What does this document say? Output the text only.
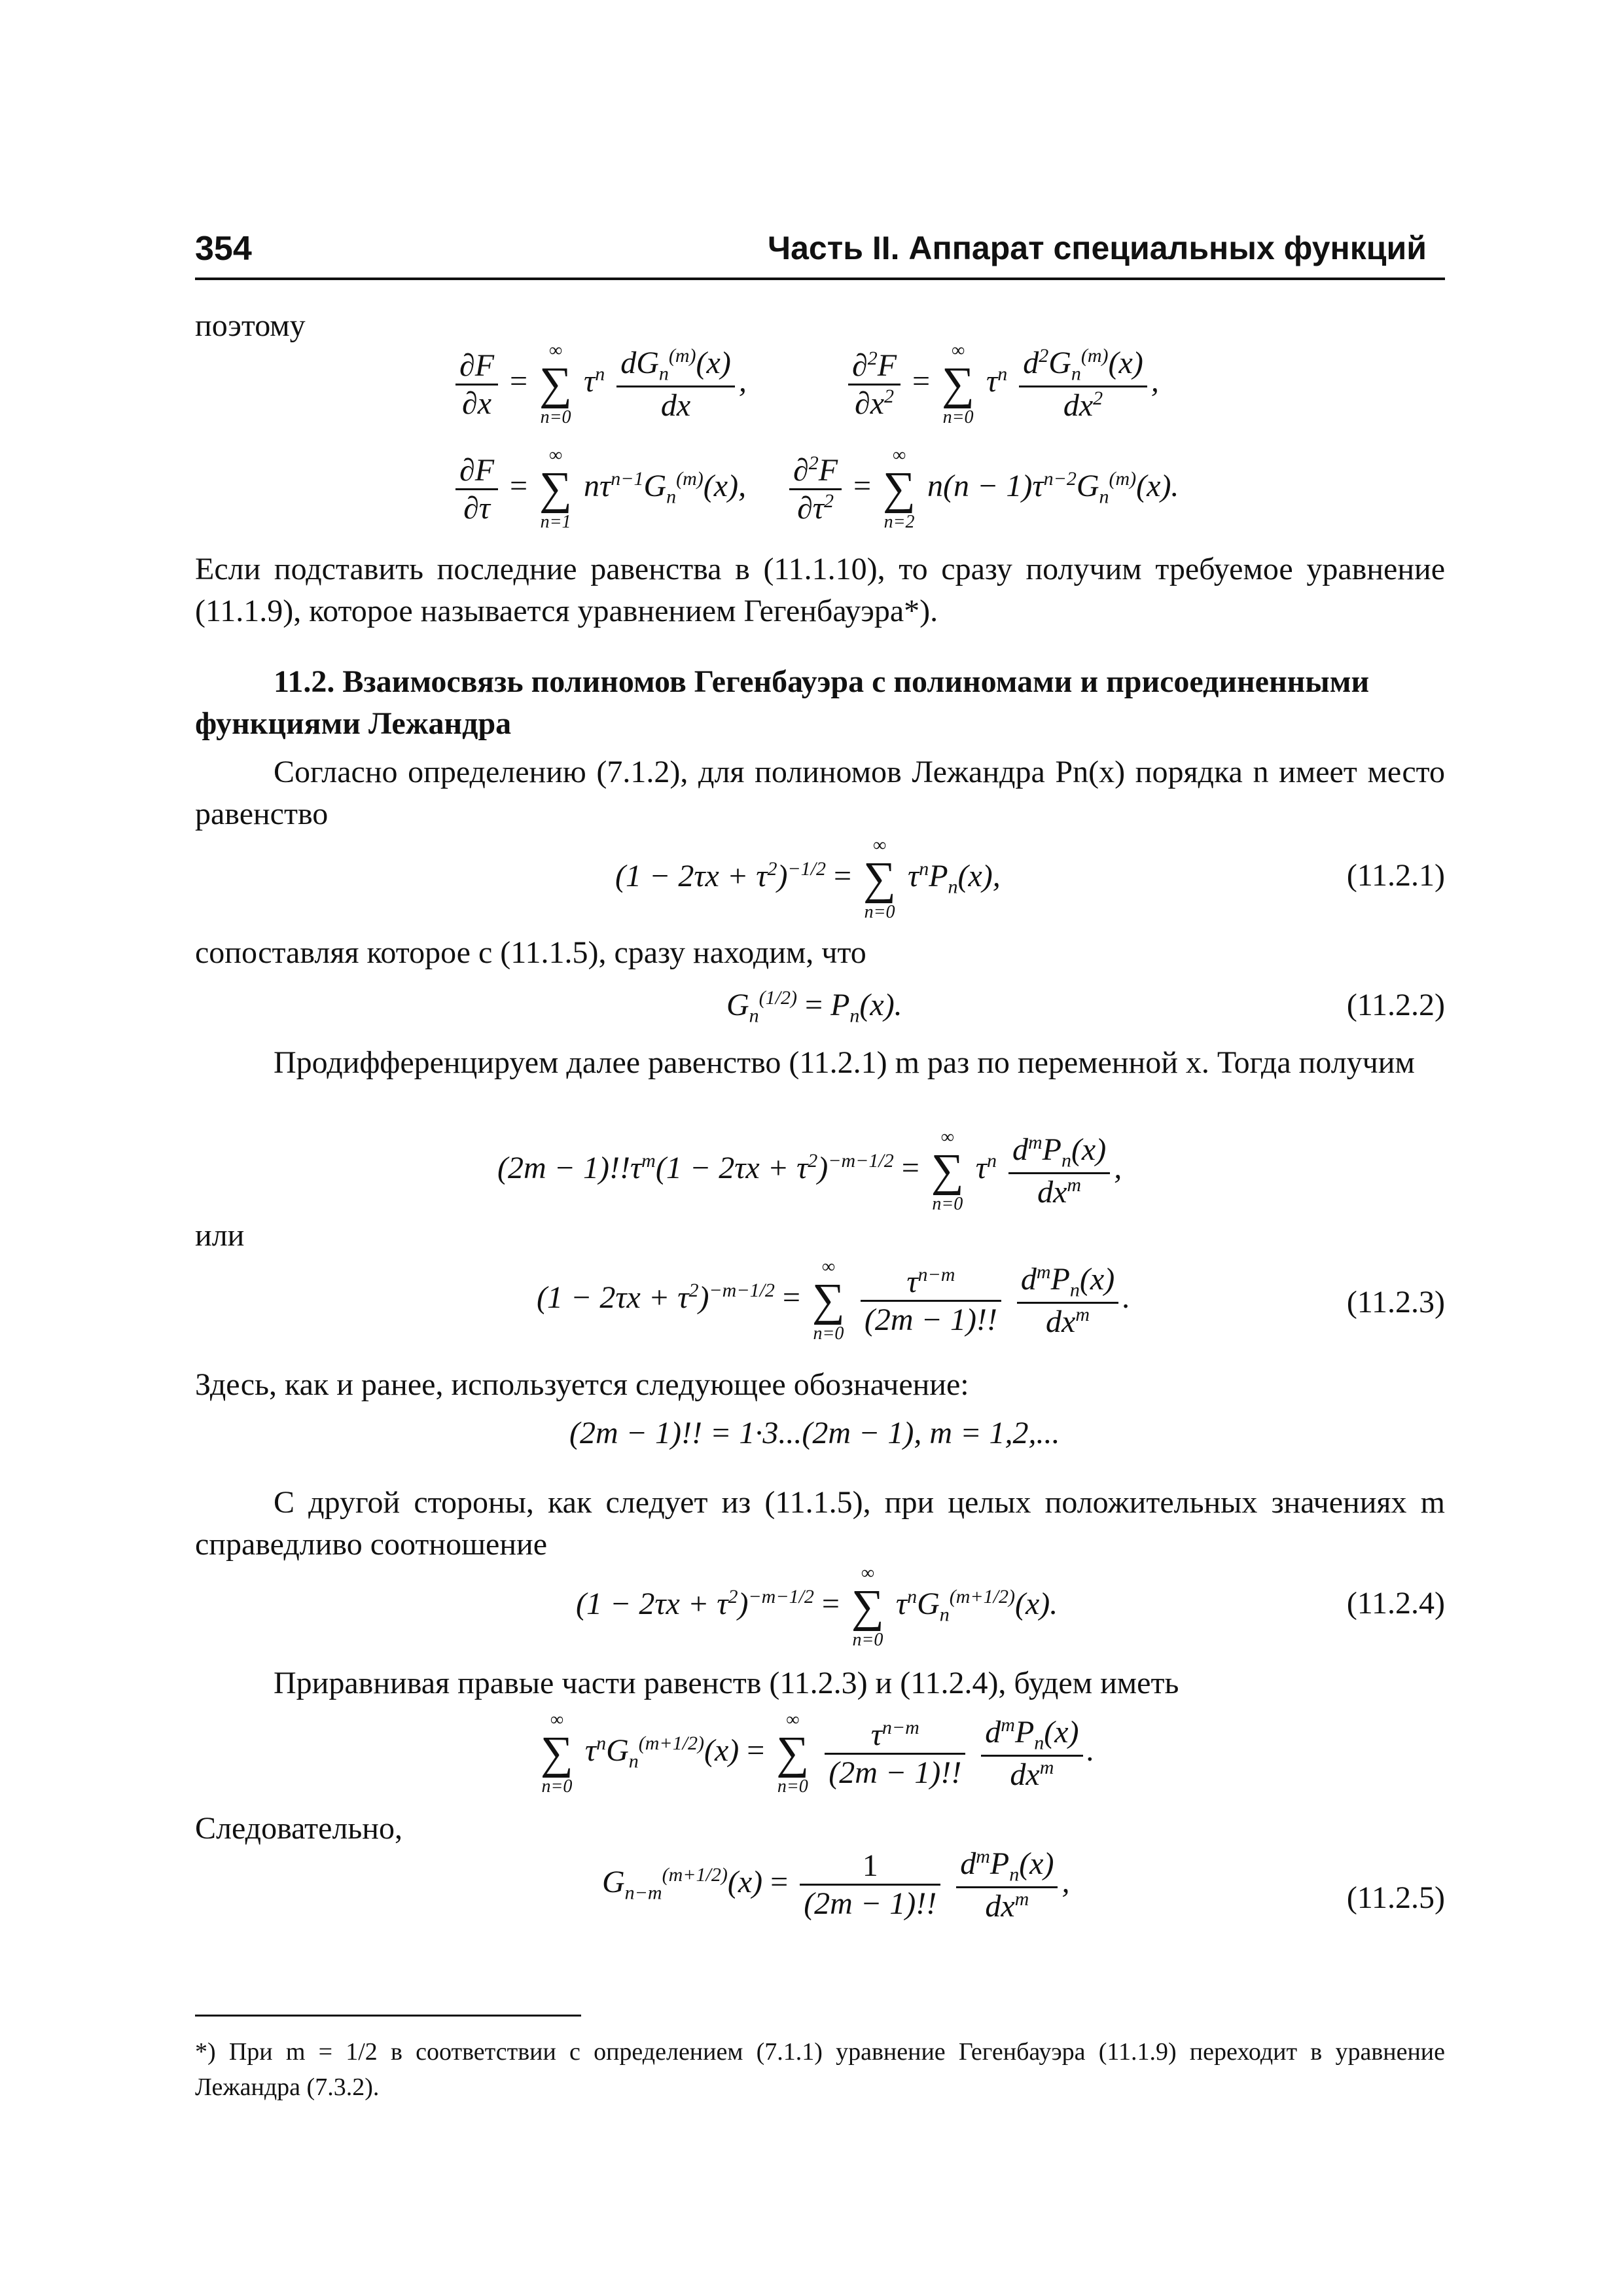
354	Часть II. Аппарат специальных функций
поэтому
$\frac{\partial F}{\partial x}$ =
∞
∑
n=0
$\tau^n \frac{dG_n^{(m)}(x)}{dx}$ ,	$\frac{\partial^2F}{\partial x^2}$ =
∞
∑
n=0
$\tau^n \frac{d^2G_n^{(m)}(x)}{dx^2}$ ,
$\frac{\partial F}{\partial\tau}$ =
∞
∑
n=1
$n\tau^{n-1}G_n^{(m)}(x)$, $\frac{\partial^2F}{\partial\tau^2}$ =
∞
∑
n=2
$n(n - 1)\tau^{n-2}G_n^{(m)}(x)$.
Если подставить последние равенства в (11.1.10), то сразу получим требуемое уравнение (11.1.9), которое называется уравнением Гегенбауэра*).
11.2. Взаимосвязь полиномов Гегенбауэра с полиномами и присоединенными функциями Лежандра
Согласно определению (7.1.2), для полиномов Лежандра Pn(x) порядка n имеет место равенство
$(1 - 2\tau x + \tau^2)^{-1/2}$ =
∞
∑
n=0
$\tau^nP_n(x)$,	(11.2.1)
сопоставляя которое с (11.1.5), сразу находим, что
$G_n^{(1/2)} = P_n(x)$.	(11.2.2)
Продифференцируем далее равенство (11.2.1) m раз по переменной x. Тогда получим
$(2m - 1)!!\tau^m(1 - 2\tau x + \tau^2)^{-m-1/2}$ =
∞
∑
n=0
$\tau^n \frac{d^mP_n(x)}{dx^m}$ ,
или
$(1 - 2\tau x + \tau^2)^{-m-1/2}$ =
∞
∑
n=0
$\frac{\tau^{n-m}}{(2m - 1)!!}$
$\frac{d^mP_n(x)}{dx^m}$ .	(11.2.3)
Здесь, как и ранее, используется следующее обозначение:
(2m − 1)!! = 1·3...(2m − 1), m = 1,2,...
С другой стороны, как следует из (11.1.5), при целых положительных значениях m справедливо соотношение
$(1 - 2\tau x + \tau^2)^{-m-1/2}$ =
∞
∑
n=0
$\tau^nG_n^{(m+1/2)}(x)$.	(11.2.4)
Приравнивая правые части равенств (11.2.3) и (11.2.4), будем иметь
∞
∑
n=0
$\tau^nG_n^{(m+1/2)}(x)$ =
∞
∑
n=0
$\frac{\tau^{n-m}}{(2m - 1)!!}$
$\frac{d^mP_n(x)}{dx^m}$ .
Следовательно,
$G_{n-m}^{(m+1/2)}(x) = \frac{1}{(2m - 1)!!}$
$\frac{d^mP_n(x)}{dx^m}$ ,	(11.2.5)
*) При m = 1/2 в соответствии с определением (7.1.1) уравнение Гегенбауэра (11.1.9) переходит в уравнение Лежандра (7.3.2).
